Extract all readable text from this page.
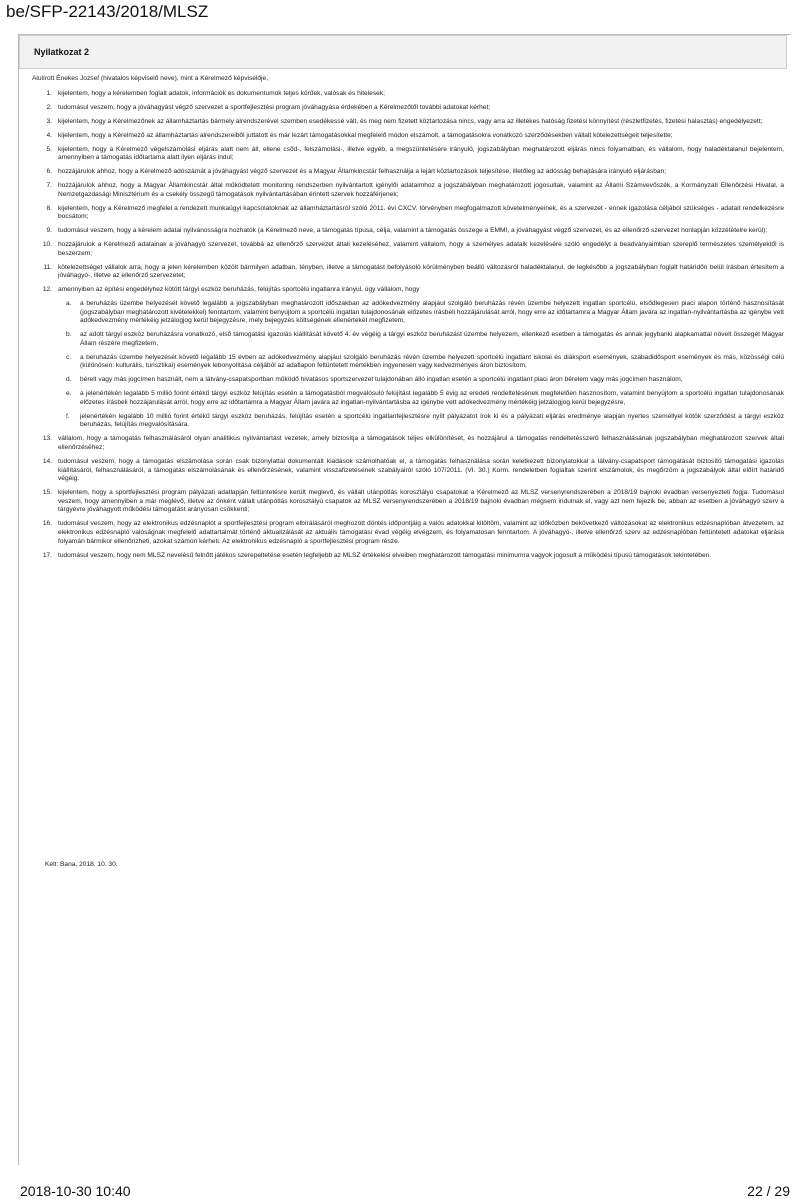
be/SFP-22143/2018/MLSZ
Nyilatkozat 2

Alulírott Énekes Jozsef (hivatalos képviselő neve), mint a Kérelmező képviselője,

1. kijelentem, hogy a kérelemben foglalt adatok, információk és dokumentumok teljes körűek, valósak és hitelesek;
2. tudomásul veszem, hogy a jóváhagyást végző szervezet a sportfejlesztési program jóváhagyása érdekében a Kérelmezőtől további adatokat kérhet;
3. kijelentem, hogy a Kérelmezőnek az államháztartás bármely alrendszerével szemben esedékessé vált, és meg nem fizetett köztartozása nincs, vagy arra az illetékes hatóság fizetési könnyítést (részletfizetés, fizetési halasztás) engedélyezett;
4. kijelentem, hogy a Kérelmező az államháztartás alrendszereiből juttatott és már lezárt támogatásokkal megfelelő módon elszámolt, a támogatásokra vonatkozó szerződésekben vállalt kötelezettségeit teljesítette;
5. kijelentem, hogy a Kérelmező végelszámolási eljárás alatt nem áll, ellene csőd-, felszámolási-, illetve egyéb, a megszüntetésére irányuló, jogszabályban meghatározott eljárás nincs folyamatban, és vállalom, hogy haladéktalanul bejelentem, amennyiben a támogatás időtartama alatt ilyen eljárás indul;
6. hozzájárulok ahhoz, hogy a Kérelmező adószámát a jóváhagyást végző szervezet és a Magyar Államkincstár felhasználja a lejárt köztartozások teljesítése, illetőleg az adósság behajtására irányuló eljárásban;
7. hozzájárulok ahhoz, hogy a Magyar Államkincstár által működtetett monitoring rendszerben nyilvántartott igénylői adataimhoz a jogszabályban meghatározott jogosultak, valamint az Állami Számvevőszék, a Kormányzati Ellenőrzési Hivatal, a Nemzetgazdasági Minisztérium és a csekély összegű támogatások nyilvántartásában érintett szervek hozzáférjenek;
8. kijelentem, hogy a Kérelmező megfelel a rendezett munkaügyi kapcsolatoknak az államháztartásról szóló 2011. évi CXCV. törvényben megfogalmazott követelményeinek, és a szervezet - ennek igazolása céljából szükséges - adatait rendelkezésre bocsátom;
9. tudomásul veszem, hogy a kérelem adatai nyilvánosságra hozhatók (a Kérelmező neve, a támogatás típusa, célja, valamint a támogatás összege a EMMI, a jóváhagyást végző szervezet, és az ellenőrző szervezet honlapján közzétételre kerül);
10. hozzájárulok a Kérelmező adatainak a jóváhagyó szervezet, továbbá az ellenőrző szervezet általi kezeléséhez, valamint vállalom, hogy a személyes adataik kezelésére szóló engedélyt a beadványaimban szereplő természetes személyektől is beszerzem;
11. kötelezettséget vállalok arra, hogy a jelen kérelemben közölt bármilyen adatban, tényben, illetve a támogatást befolyásoló körülményben beálló változásról haladéktalanul, de legkésőbb a jogszabályban foglalt határidőn belül írásban értesítem a jóváhagyó-, illetve az ellenőrző szervezetet;
12. amennyiben az építési engedélyhez kötött tárgyi eszköz beruházás, felújítás sportcélú ingatlanra irányul, úgy vállalom, hogy
a. a beruházás üzembe helyezését követő legalább a jogszabályban meghatározott időszakban az adókedvezmény alapjául szolgáló beruházás révén üzembe helyezett ingatlan sportcélú, elsődlegesen piaci alapon történő hasznosítását (jogszabályban meghatározott kivételekkel) fenntartom, valamint benyújtom a sportcélú ingatlan tulajdonosának előzetes írásbeli hozzájárulását arról, hogy erre az időtartamra a Magyar Állam javára az ingatlan-nyilvántartásba az igénybe vett adókedvezmény mértékéig jelzálogjog kerül bejegyzésre, mely bejegyzés költségének ellenértékét megfizetem,
b. az adott tárgyi eszköz beruházásra vonatkozó, első támogatási igazolás kiállítását követő 4. év végéig a tárgyi eszköz beruházást üzembe helyezem, ellenkező esetben a támogatás és annak jegybanki alapkamattal növelt összegét Magyar Állam részére megfizetem,
c. a beruházás üzembe helyezését követő legalább 15 évben az adókedvezmény alapjául szolgáló beruházás révén üzembe helyezett sportcélú ingatlant iskolai és diáksport események, szabadidősport események és más, közösségi célú (különösen: kulturális, turisztikai) események lebonyolítása céljából az adatlapon feltüntetett mértékben ingyenesen vagy kedvezményes áron biztosítom,
d. bérelt vagy más jogcímen használt, nem a látvány-csapatsportban működő hivatásos sportszervezet tulajdonában álló ingatlan esetén a sportcélú ingatlant piaci áron bérelem vagy más jogcímen használom,
e. a jelenértékén legalább 5 millió forint értékű tárgyi eszköz felújítás esetén a támogatásból megvalósuló felújítást legalább 5 évig az eredeti rendeltetésének megfelelően hasznosítom, valamint benyújtom a sportcélú ingatlan tulajdonosának előzetes írásbeli hozzájárulását arról, hogy erre az időtartamra a Magyar Állam javára az ingatlan-nyilvántartásba az igénybe vett adókedvezmény mértékéig jelzálogjog kerül bejegyzésre,
f. jelenértékén legalább 10 millió forint értékű tárgyi eszköz beruházás, felújítás esetén a sportcélú ingatlanfejlesztésre nyílt pályázatot írok ki és a pályázati eljárás eredménye alapján nyertes személlyel kötök szerződést a tárgyi eszköz beruházás, felújítás megvalósítására.
13. vállalom, hogy a támogatás felhasználásáról olyan analitikus nyilvántartást vezetek, amely biztosítja a támogatások teljes elkülönítését, és hozzájárul a támogatás rendeltetésszerű felhasználásának jogszabályban meghatározott szervek általi ellenőrzéséhez;
14. tudomásul veszem, hogy a támogatás elszámolása során csak bizonylattal dokumentált kiadások számolhatóak el, a támogatás felhasználása során keletkezett bizonylatokkal a látvány-csapatsport támogatását biztosító támogatási igazolás kiállításáról, felhasználásáról, a támogatás elszámolásának és ellenőrzésének, valamint visszafizetésének szabályairól szóló 107/2011. (VI. 30.) Korm. rendeletben foglaltak szerint elszámolok, és megőrzöm a jogszabályok által előírt határidő végéig.
15. kijelentem, hogy a sportfejlesztési program pályázati adatlapján feltüntetésre került meglevő, és vállalt utánpótlás korosztályú csapatokat a Kérelmező az MLSZ versenyrendszerében a 2018/19 bajnoki évadban versenyezteti fogja. Tudomásul veszem, hogy amennyiben a már meglévő, illetve az önként vállalt utánpótlás korosztályú csapatok az MLSZ versenyrendszerében a 2018/19 bajnoki évadban mégsem indulnak el, vagy azt nem fejezik be, abban az esetben a jóváhagyó szerv a tárgyévre jóváhagyott működési támogatást arányosan csökkenti;
16. tudomásul veszem, hogy az elektronikus edzésnaplót a sportfejlesztési program elbírálásáról meghozott döntés időpontjáig a valós adatokkal kitöltöm, valamint az időközben bekövetkező változásokat az elektronikus edzésnaplóban átvezetem, az elektronikus edzésnapló valóságnak megfelelő adattartalmát történő aktualizálását az aktuális támogatási évad végéig elvégzem, és folyamatosan fenntartom. A jóváhagyó-, illetve ellenőrző szerv az edzésnaplóban feltüntetett adatokat eljárása folyamán bármikor ellenőrizheti, azokat számon kérheti. Az elektronikus edzésnapló a sportfejlesztési program része.
17. tudomásul veszem, hogy nem MLSZ nevelésű felnőtt játékos szerepeltetése esetén legfeljebb az MLSZ értékelési elveiben meghatározott támogatási minimumra vagyok jogosult a működési típusú támogatások tekintetében.
Kelt: Bana, 2018. 10. 30.
2018-10-30 10:40	22 / 29
